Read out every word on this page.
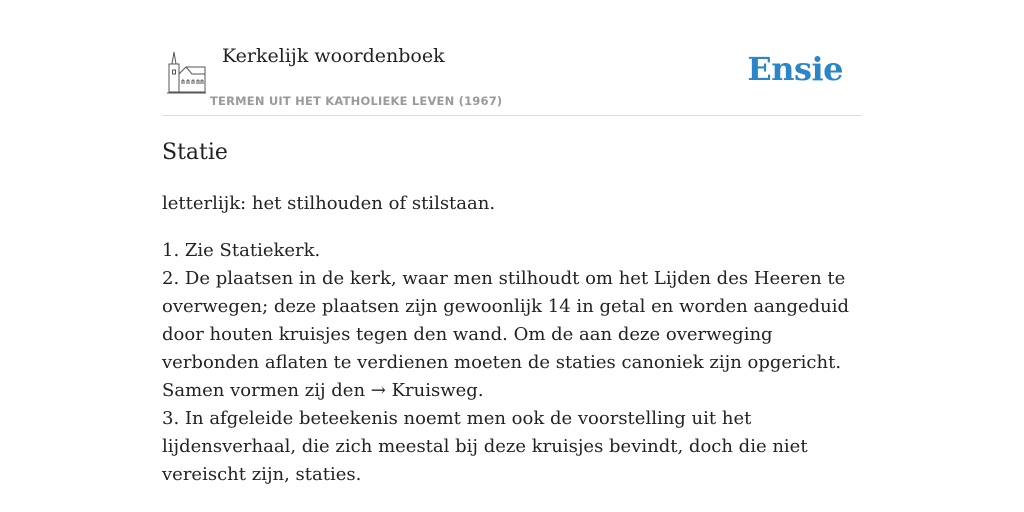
Kerkelijk woordenboek
TERMEN UIT HET KATHOLIEKE LEVEN (1967)
Ensie
Statie

letterlijk: het stilhouden of stilstaan.

1. Zie Statiekerk.

2. De plaatsen in de kerk, waar men stilhoudt om het Lijden des Heeren te overwegen; deze plaatsen zijn gewoonlijk 14 in getal en worden aangeduid door houten kruisjes tegen den wand. Om de aan deze overweging verbonden aflaten te verdienen moeten de staties canoniek zijn opgericht. Samen vormen zij den → Kruisweg.

3. In afgeleide beteekenis noemt men ook de voorstelling uit het lijdensverhaal, die zich meestal bij deze kruisjes bevindt, doch die niet vereischt zijn, staties.
